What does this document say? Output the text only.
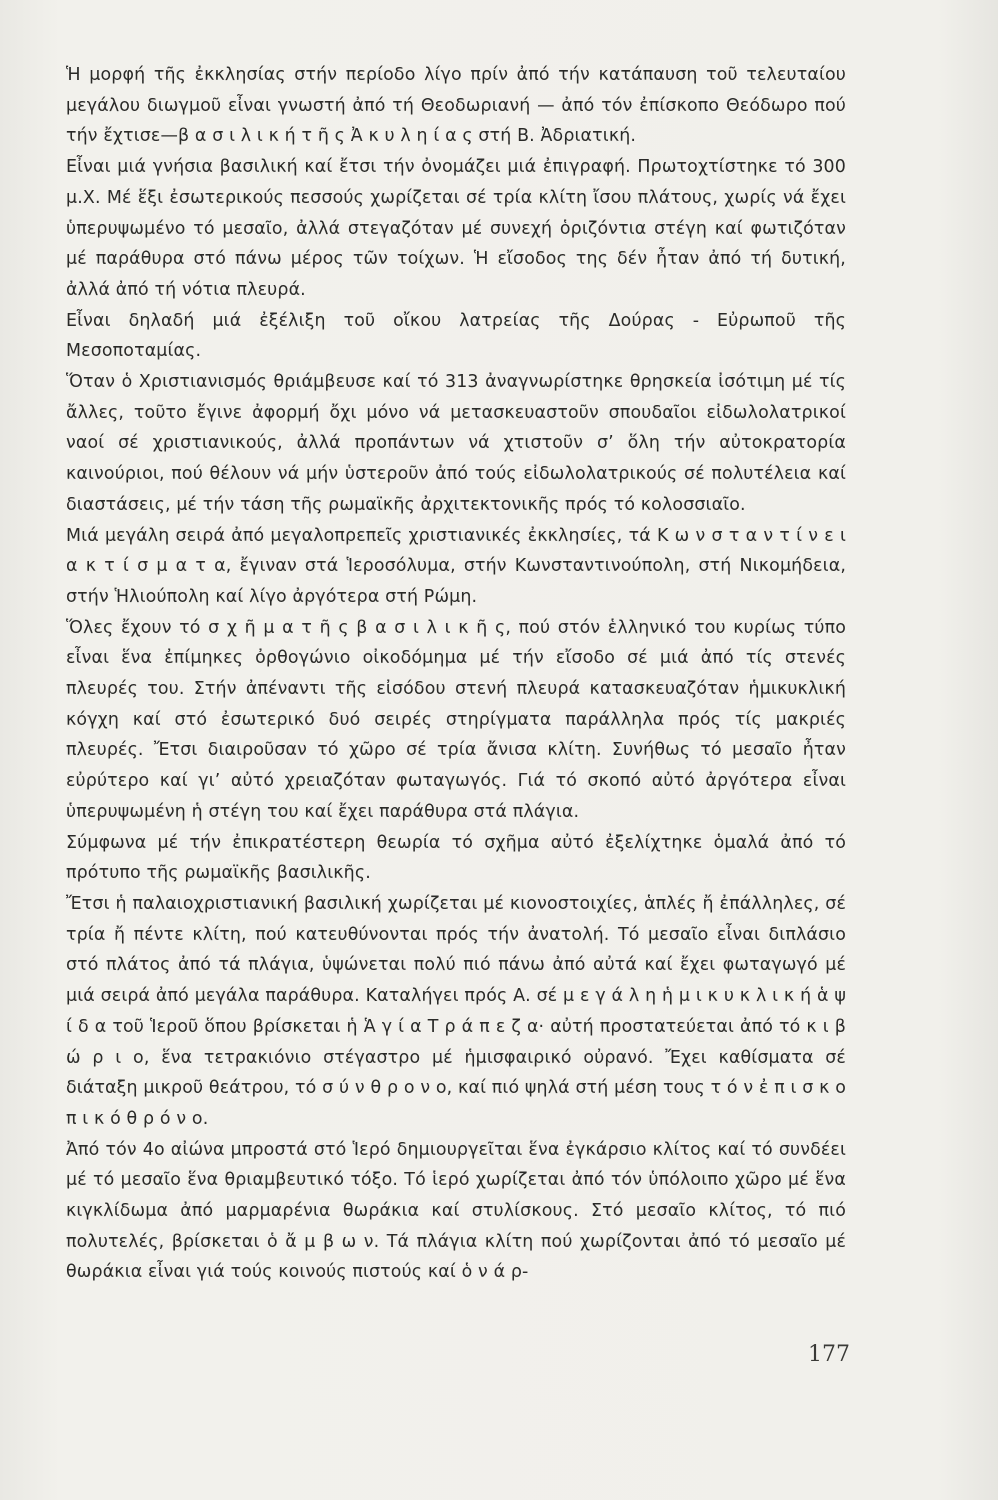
Ἡ μορφή τῆς ἐκκλησίας στήν περίοδο λίγο πρίν ἀπό τήν κατάπαυση τοῦ τελευταίου μεγάλου διωγμοῦ εἶναι γνωστή ἀπό τή Θεοδωριανή — ἀπό τόν ἐπίσκοπο Θεόδωρο πού τήν ἔχτισε—β α σ ι λ ι κ ή τ ῆ ς Ἀ κ υ λ η ί α ς στή Β. Ἀδριατική.

Εἶναι μιά γνήσια βασιλική καί ἔτσι τήν ὀνομάζει μιά ἐπιγραφή. Πρωτοχτίστηκε τό 300 μ.Χ. Μέ ἕξι ἐσωτερικούς πεσσούς χωρίζεται σέ τρία κλίτη ἴσου πλάτους, χωρίς νά ἔχει ὑπερυψωμένο τό μεσαῖο, ἀλλά στεγαζόταν μέ συνεχή ὁριζόντια στέγη καί φωτιζόταν μέ παράθυρα στό πάνω μέρος τῶν τοίχων. Ἡ εἴσοδος της δέν ἦταν ἀπό τή δυτική, ἀλλά ἀπό τή νότια πλευρά.

Εἶναι δηλαδή μιά ἐξέλιξη τοῦ οἴκου λατρείας τῆς Δούρας - Εὐρωποῦ τῆς Μεσοποταμίας.

Ὅταν ὁ Χριστιανισμός θριάμβευσε καί τό 313 ἀναγνωρίστηκε θρησκεία ἰσότιμη μέ τίς ἄλλες, τοῦτο ἔγινε ἀφορμή ὄχι μόνο νά μετασκευαστοῦν σπουδαῖοι εἰδωλολατρικοί ναοί σέ χριστιανικούς, ἀλλά προπάντων νά χτιστοῦν σ’ ὅλη τήν αὐτοκρατορία καινούριοι, πού θέλουν νά μήν ὑστεροῦν ἀπό τούς εἰδωλολατρικούς σέ πολυτέλεια καί διαστάσεις, μέ τήν τάση τῆς ρωμαϊκῆς ἀρχιτεκτονικῆς πρός τό κολοσσιαῖο.

Μιά μεγάλη σειρά ἀπό μεγαλοπρεπεῖς χριστιανικές ἐκκλησίες, τά Κ ω ν σ τ α ν τ ί ν ε ι α κ τ ί σ μ α τ α, ἔγιναν στά Ἱεροσόλυμα, στήν Κωνσταντινούπολη, στή Νικομήδεια, στήν Ἡλιούπολη καί λίγο ἀργότερα στή Ρώμη.

Ὅλες ἔχουν τό σ χ ῆ μ α τ ῆ ς β α σ ι λ ι κ ῆ ς, πού στόν ἑλληνικό του κυρίως τύπο εἶναι ἕνα ἐπίμηκες ὀρθογώνιο οἰκοδόμημα μέ τήν εἴσοδο σέ μιά ἀπό τίς στενές πλευρές του. Στήν ἀπέναντι τῆς εἰσόδου στενή πλευρά κατασκευαζόταν ἡμικυκλική κόγχη καί στό ἐσωτερικό δυό σειρές στηρίγματα παράλληλα πρός τίς μακριές πλευρές. Ἔτσι διαιροῦσαν τό χῶρο σέ τρία ἄνισα κλίτη. Συνήθως τό μεσαῖο ἦταν εὐρύτερο καί γι’ αὐτό χρειαζόταν φωταγωγός. Γιά τό σκοπό αὐτό ἀργότερα εἶναι ὑπερυψωμένη ἡ στέγη του καί ἔχει παράθυρα στά πλάγια.

Σύμφωνα μέ τήν ἐπικρατέστερη θεωρία τό σχῆμα αὐτό ἐξελίχτηκε ὁμαλά ἀπό τό πρότυπο τῆς ρωμαϊκῆς βασιλικῆς.

Ἔτσι ἡ παλαιοχριστιανική βασιλική χωρίζεται μέ κιονοστοιχίες, ἁπλές ἤ ἐπάλληλες, σέ τρία ἤ πέντε κλίτη, πού κατευθύνονται πρός τήν ἀνατολή. Τό μεσαῖο εἶναι διπλάσιο στό πλάτος ἀπό τά πλάγια, ὑψώνεται πολύ πιό πάνω ἀπό αὐτά καί ἔχει φωταγωγό μέ μιά σειρά ἀπό μεγάλα παράθυρα. Καταλήγει πρός Α. σέ μ ε γ ά λ η ἡ μ ι κ υ κ λ ι κ ή ἁ ψ ί δ α τοῦ Ἱεροῦ ὅπου βρίσκεται ἡ Ἁ γ ί α Τ ρ ά π ε ζ α· αὐτή προστατεύεται ἀπό τό κ ι β ώ ρ ι ο, ἕνα τετρακιόνιο στέγαστρο μέ ἡμισφαιρικό οὐρανό. Ἔχει καθίσματα σέ διάταξη μικροῦ θεάτρου, τό σ ύ ν θ ρ ο ν ο, καί πιό ψηλά στή μέση τους τ ό ν ἐ π ι σ κ ο π ι κ ό θ ρ ό ν ο.

Ἀπό τόν 4ο αἰώνα μπροστά στό Ἱερό δημιουργεῖται ἕνα ἐγκάρσιο κλίτος καί τό συνδέει μέ τό μεσαῖο ἕνα θριαμβευτικό τόξο. Τό ἱερό χωρίζεται ἀπό τόν ὑπόλοιπο χῶρο μέ ἕνα κιγκλίδωμα ἀπό μαρμαρένια θωράκια καί στυλίσκους. Στό μεσαῖο κλίτος, τό πιό πολυτελές, βρίσκεται ὁ ἄ μ β ω ν. Τά πλάγια κλίτη πού χωρίζονται ἀπό τό μεσαῖο μέ θωράκια εἶναι γιά τούς κοινούς πιστούς καί ὁ ν ά ρ-

177
